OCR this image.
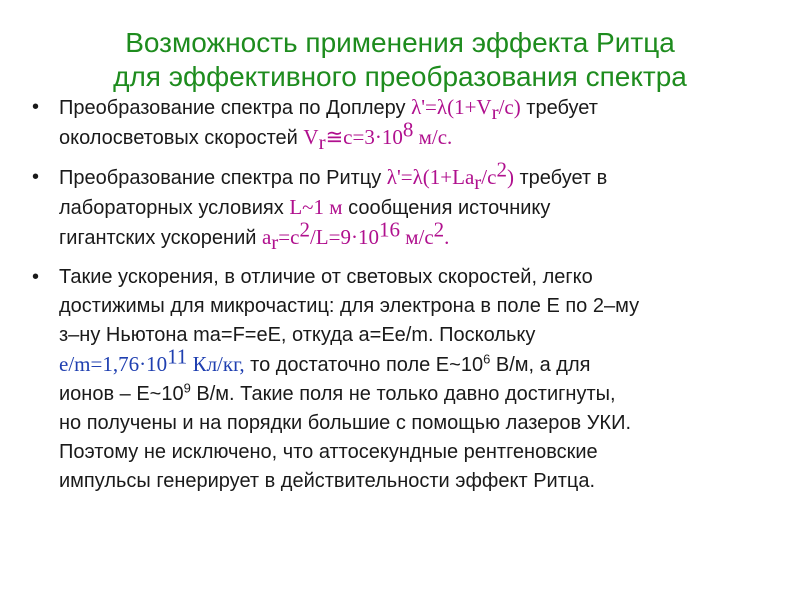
Возможность применения эффекта Ритца
для эффективного преобразования спектра
• Преобразование спектра по Доплеру $\lambda'=\lambda(1+V_r/c)$ требует
околосветовых скоростей $V_r≅c=3\cdot 10^8$ м/с.
• Преобразование спектра по Ритцу $\lambda'=\lambda(1+La_r/c^2)$ требует в
лабораторных условиях L~1 м сообщения источнику
гигантских ускорений $a_r=c^2/L=9\cdot 10^{16}$ $м/с^2$.
• Такие ускорения, в отличие от световых скоростей, легко
достижимы для микрочастиц: для электрона в поле E по 2–му
з–ну Ньютона ma=F=eE, откуда a=Ee/m. Поскольку
$e/m=1,76\cdot 10^{11}$ Кл/кг, то достаточно поле $E\sim 10^6$ В/м, а для
ионов – $E\sim 10^9$ В/м. Такие поля не только давно достигнуты,
но получены и на порядки большие с помощью лазеров УКИ.
Поэтому не исключено, что аттосекундные рентгеновские
импульсы генерирует в действительности эффект Ритца.
